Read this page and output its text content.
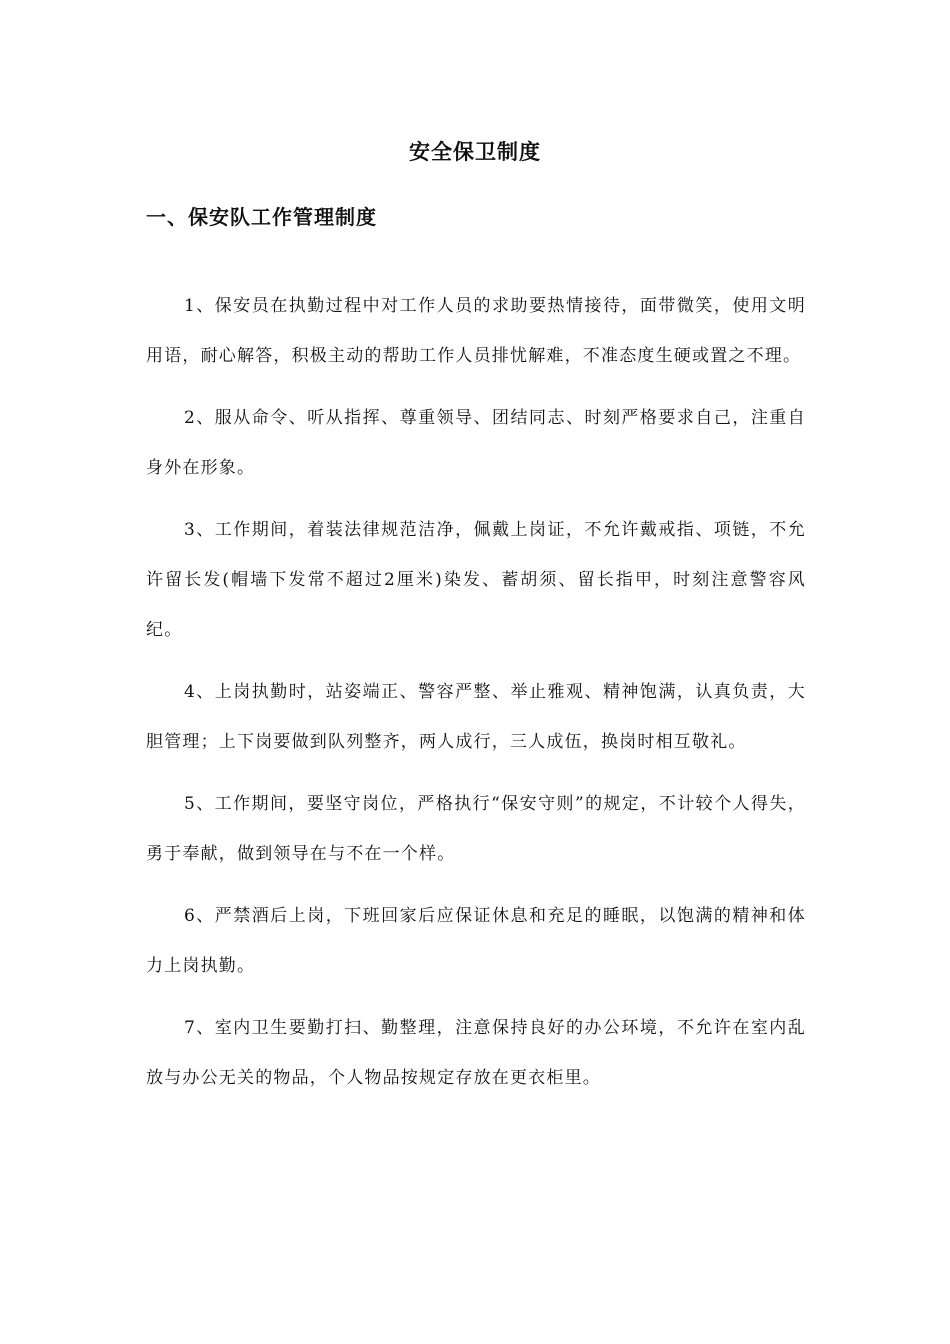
安全保卫制度
一、保安队工作管理制度

1、保安员在执勤过程中对工作人员的求助要热情接待，面带微笑，使用文明用语，耐心解答，积极主动的帮助工作人员排忧解难，不准态度生硬或置之不理。

2、服从命令、听从指挥、尊重领导、团结同志、时刻严格要求自己，注重自身外在形象。

3、工作期间，着装法律规范洁净，佩戴上岗证，不允许戴戒指、项链，不允许留长发(帽墙下发常不超过2厘米)染发、蓄胡须、留长指甲，时刻注意警容风纪。

4、上岗执勤时，站姿端正、警容严整、举止雅观、精神饱满，认真负责，大胆管理；上下岗要做到队列整齐，两人成行，三人成伍，换岗时相互敬礼。

5、工作期间，要坚守岗位，严格执行“保安守则”的规定，不计较个人得失，勇于奉献，做到领导在与不在一个样。

6、严禁酒后上岗，下班回家后应保证休息和充足的睡眠，以饱满的精神和体力上岗执勤。

7、室内卫生要勤打扫、勤整理，注意保持良好的办公环境，不允许在室内乱放与办公无关的物品，个人物品按规定存放在更衣柜里。
